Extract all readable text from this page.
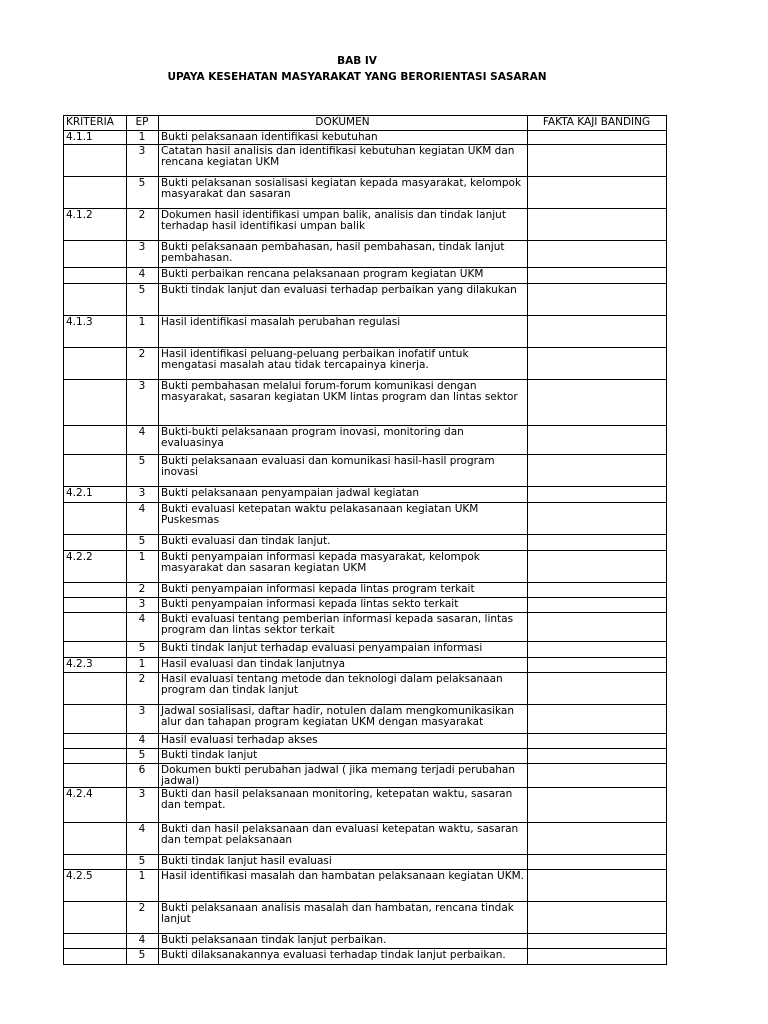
BAB IV
UPAYA KESEHATAN MASYARAKAT YANG BERORIENTASI SASARAN
KRITERIA	EP	DOKUMEN	FAKTA KAJI BANDING
4.1.1	1	Bukti pelaksanaan identifikasi kebutuhan	
	3	Catatan hasil analisis dan identifikasi kebutuhan kegiatan UKM dan rencana kegiatan UKM	
	5	Bukti pelaksanan sosialisasi kegiatan kepada masyarakat, kelompok masyarakat dan sasaran	
4.1.2	2	Dokumen hasil identifikasi umpan balik, analisis dan tindak lanjut terhadap hasil identifikasi umpan balik	
	3	Bukti pelaksanaan pembahasan, hasil pembahasan, tindak lanjut pembahasan.	
	4	Bukti perbaikan rencana pelaksanaan program kegiatan UKM	
	5	Bukti tindak lanjut dan evaluasi terhadap perbaikan yang dilakukan	
4.1.3	1	Hasil identifikasi masalah perubahan regulasi	
	2	Hasil identifikasi peluang-peluang perbaikan inofatif untuk mengatasi masalah atau tidak tercapainya kinerja.	
	3	Bukti pembahasan melalui forum-forum komunikasi dengan masyarakat, sasaran kegiatan UKM lintas program dan lintas sektor	
	4	Bukti-bukti pelaksanaan program inovasi, monitoring dan evaluasinya	
	5	Bukti pelaksanaan evaluasi dan komunikasi hasil-hasil program inovasi	
4.2.1	3	Bukti pelaksanaan penyampaian jadwal kegiatan	
	4	Bukti evaluasi ketepatan waktu pelakasanaan kegiatan UKM Puskesmas	
	5	Bukti evaluasi dan tindak lanjut.	
4.2.2	1	Bukti penyampaian informasi kepada masyarakat, kelompok masyarakat dan sasaran kegiatan UKM	
	2	Bukti penyampaian informasi kepada lintas program terkait	
	3	Bukti penyampaian informasi kepada lintas sekto terkait	
	4	Bukti evaluasi tentang pemberian informasi kepada sasaran, lintas program dan lintas sektor terkait	
	5	Bukti tindak lanjut terhadap evaluasi penyampaian informasi	
4.2.3	1	Hasil evaluasi dan tindak lanjutnya	
	2	Hasil evaluasi tentang metode dan teknologi dalam pelaksanaan program dan tindak lanjut	
	3	Jadwal sosialisasi, daftar hadir, notulen dalam mengkomunikasikan alur dan tahapan program kegiatan UKM dengan masyarakat	
	4	Hasil evaluasi terhadap akses	
	5	Bukti tindak lanjut	
	6	Dokumen bukti perubahan jadwal ( jika memang terjadi perubahan jadwal)	
4.2.4	3	Bukti dan hasil pelaksanaan monitoring, ketepatan waktu, sasaran dan tempat.	
	4	Bukti dan hasil pelaksanaan dan evaluasi ketepatan waktu, sasaran dan tempat pelaksanaan	
	5	Bukti tindak lanjut hasil evaluasi	
4.2.5	1	Hasil identifikasi masalah dan hambatan pelaksanaan kegiatan UKM.	
	2	Bukti pelaksanaan analisis masalah dan hambatan, rencana tindak lanjut	
	4	Bukti pelaksanaan tindak lanjut perbaikan.	
	5	Bukti dilaksanakannya evaluasi terhadap tindak lanjut perbaikan.	
